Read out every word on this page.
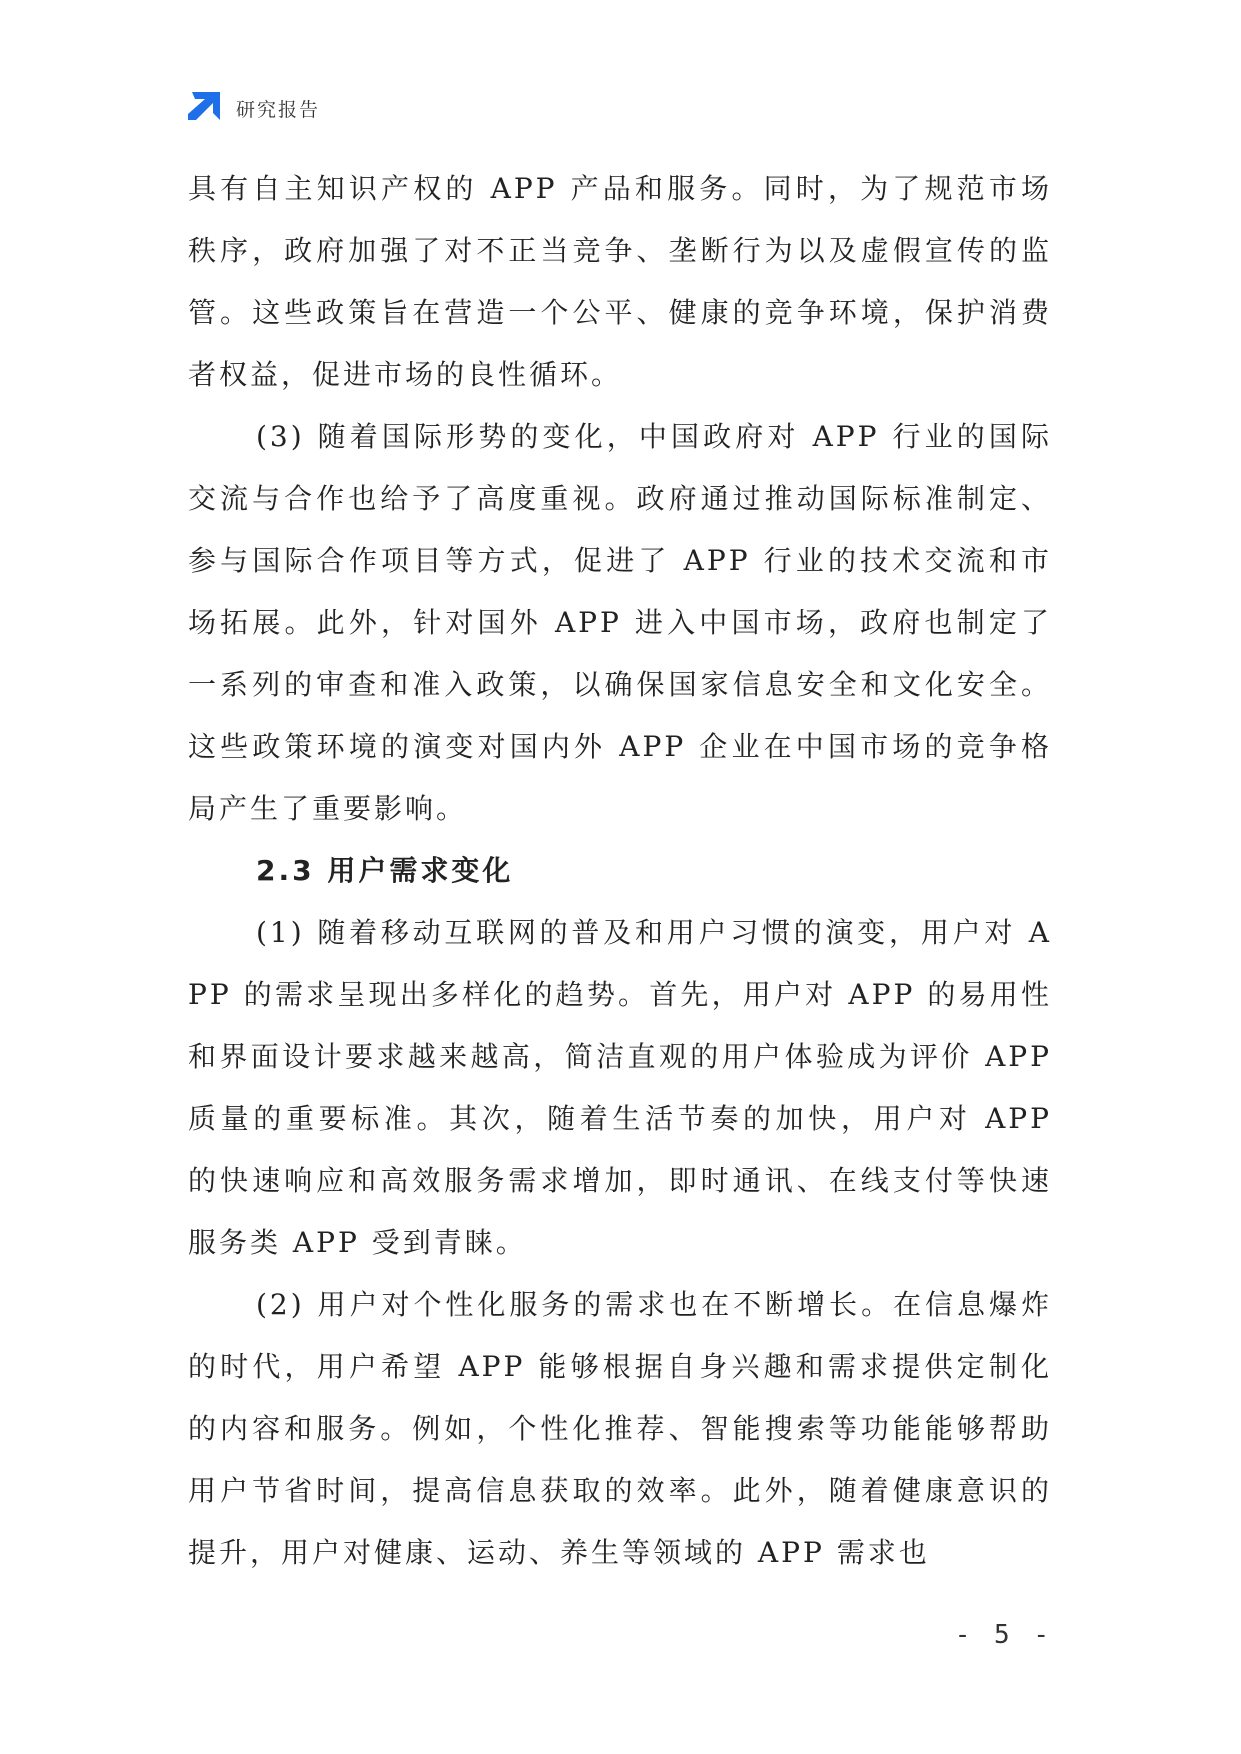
研究报告

具有自主知识产权的 APP 产品和服务。同时，为了规范市场秩序，政府加强了对不正当竞争、垄断行为以及虚假宣传的监管。这些政策旨在营造一个公平、健康的竞争环境，保护消费者权益，促进市场的良性循环。

(3) 随着国际形势的变化，中国政府对 APP 行业的国际交流与合作也给予了高度重视。政府通过推动国际标准制定、参与国际合作项目等方式，促进了 APP 行业的技术交流和市场拓展。此外，针对国外 APP 进入中国市场，政府也制定了一系列的审查和准入政策，以确保国家信息安全和文化安全。这些政策环境的演变对国内外 APP 企业在中国市场的竞争格局产生了重要影响。

2.3 用户需求变化

(1) 随着移动互联网的普及和用户习惯的演变，用户对 APP 的需求呈现出多样化的趋势。首先，用户对 APP 的易用性和界面设计要求越来越高，简洁直观的用户体验成为评价 APP 质量的重要标准。其次，随着生活节奏的加快，用户对 APP 的快速响应和高效服务需求增加，即时通讯、在线支付等快速服务类 APP 受到青睐。

(2) 用户对个性化服务的需求也在不断增长。在信息爆炸的时代，用户希望 APP 能够根据自身兴趣和需求提供定制化的内容和服务。例如，个性化推荐、智能搜索等功能能够帮助用户节省时间，提高信息获取的效率。此外，随着健康意识的提升，用户对健康、运动、养生等领域的 APP 需求也

- 5 -
